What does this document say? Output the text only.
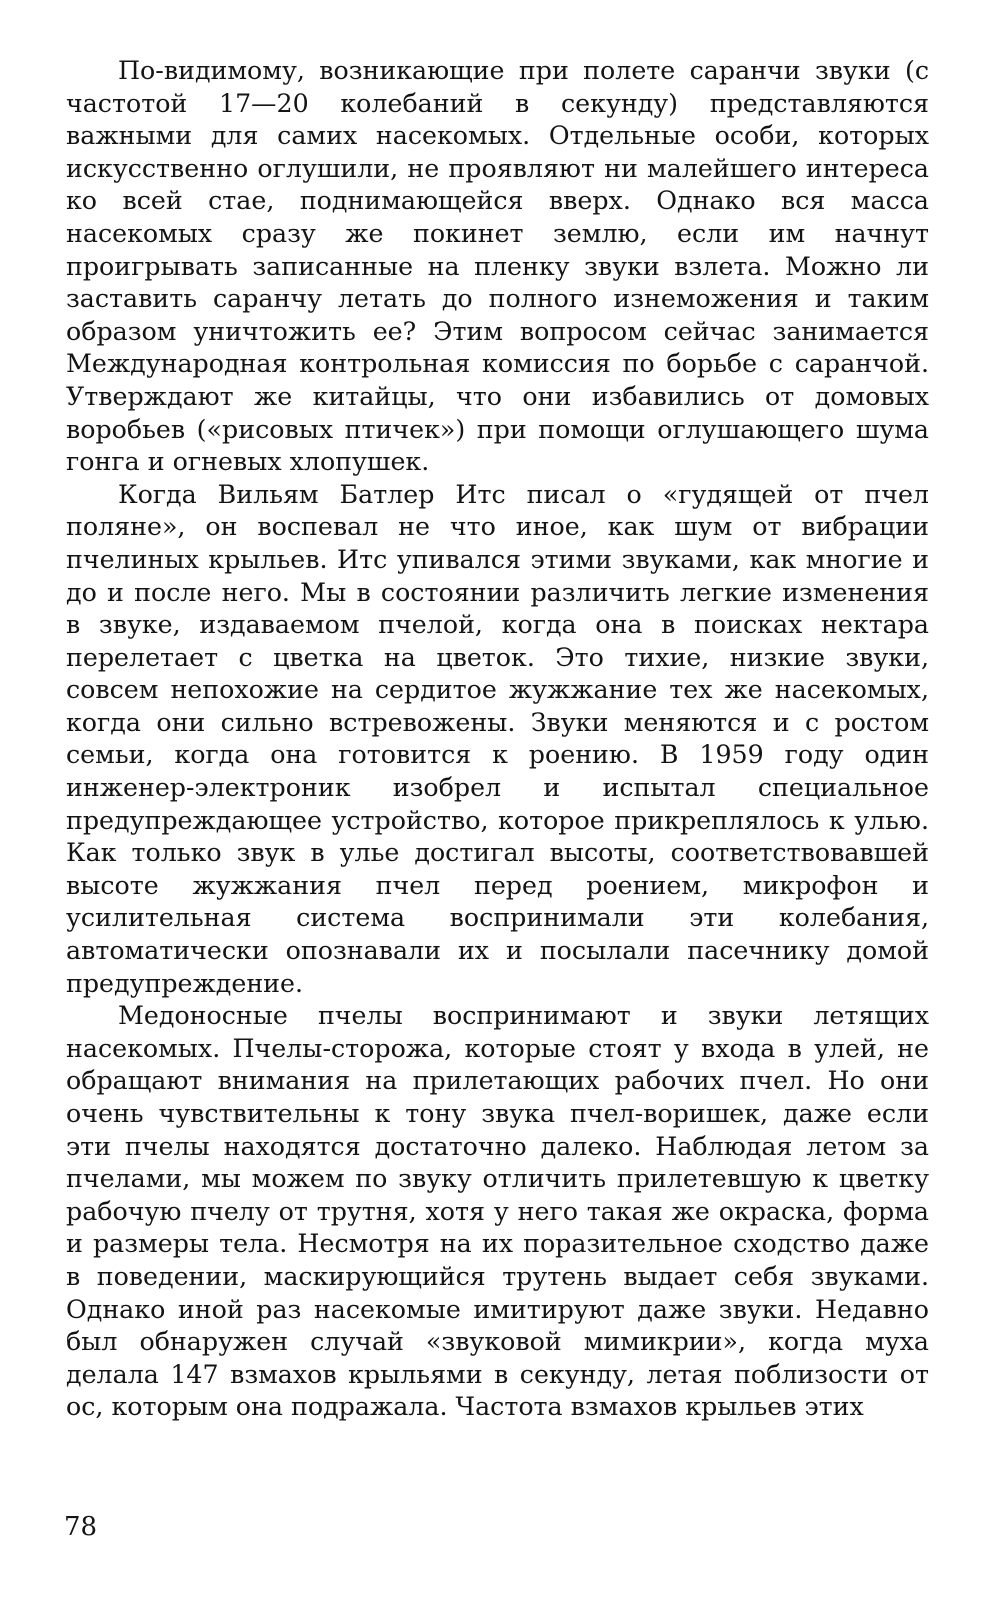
По-видимому, возникающие при полете саранчи звуки (с частотой 17—20 колебаний в секунду) представляются важными для самих насекомых. Отдельные особи, которых искусственно оглушили, не проявляют ни малейшего интереса ко всей стае, поднимающейся вверх. Однако вся масса насекомых сразу же покинет землю, если им начнут проигрывать записанные на пленку звуки взлета. Можно ли заставить саранчу летать до полного изнеможения и таким образом уничтожить ее? Этим вопросом сейчас занимается Международная контрольная комиссия по борьбе с саранчой. Утверждают же китайцы, что они избавились от домовых воробьев («рисовых птичек») при помощи оглушающего шума гонга и огневых хлопушек.

Когда Вильям Батлер Итс писал о «гудящей от пчел поляне», он воспевал не что иное, как шум от вибрации пчелиных крыльев. Итс упивался этими звуками, как многие и до и после него. Мы в состоянии различить легкие изменения в звуке, издаваемом пчелой, когда она в поисках нектара перелетает с цветка на цветок. Это тихие, низкие звуки, совсем непохожие на сердитое жужжание тех же насекомых, когда они сильно встревожены. Звуки меняются и с ростом семьи, когда она готовится к роению. В 1959 году один инженер-электроник изобрел и испытал специальное предупреждающее устройство, которое прикреплялось к улью. Как только звук в улье достигал высоты, соответствовавшей высоте жужжания пчел перед роением, микрофон и усилительная система воспринимали эти колебания, автоматически опознавали их и посылали пасечнику домой предупреждение.

Медоносные пчелы воспринимают и звуки летящих насекомых. Пчелы-сторожа, которые стоят у входа в улей, не обращают внимания на прилетающих рабочих пчел. Но они очень чувствительны к тону звука пчел-воришек, даже если эти пчелы находятся достаточно далеко. Наблюдая летом за пчелами, мы можем по звуку отличить прилетевшую к цветку рабочую пчелу от трутня, хотя у него такая же окраска, форма и размеры тела. Несмотря на их поразительное сходство даже в поведении, маскирующийся трутень выдает себя звуками. Однако иной раз насекомые имитируют даже звуки. Недавно был обнаружен случай «звуковой мимикрии», когда муха делала 147 взмахов крыльями в секунду, летая поблизости от ос, которым она подражала. Частота взмахов крыльев этих

78
